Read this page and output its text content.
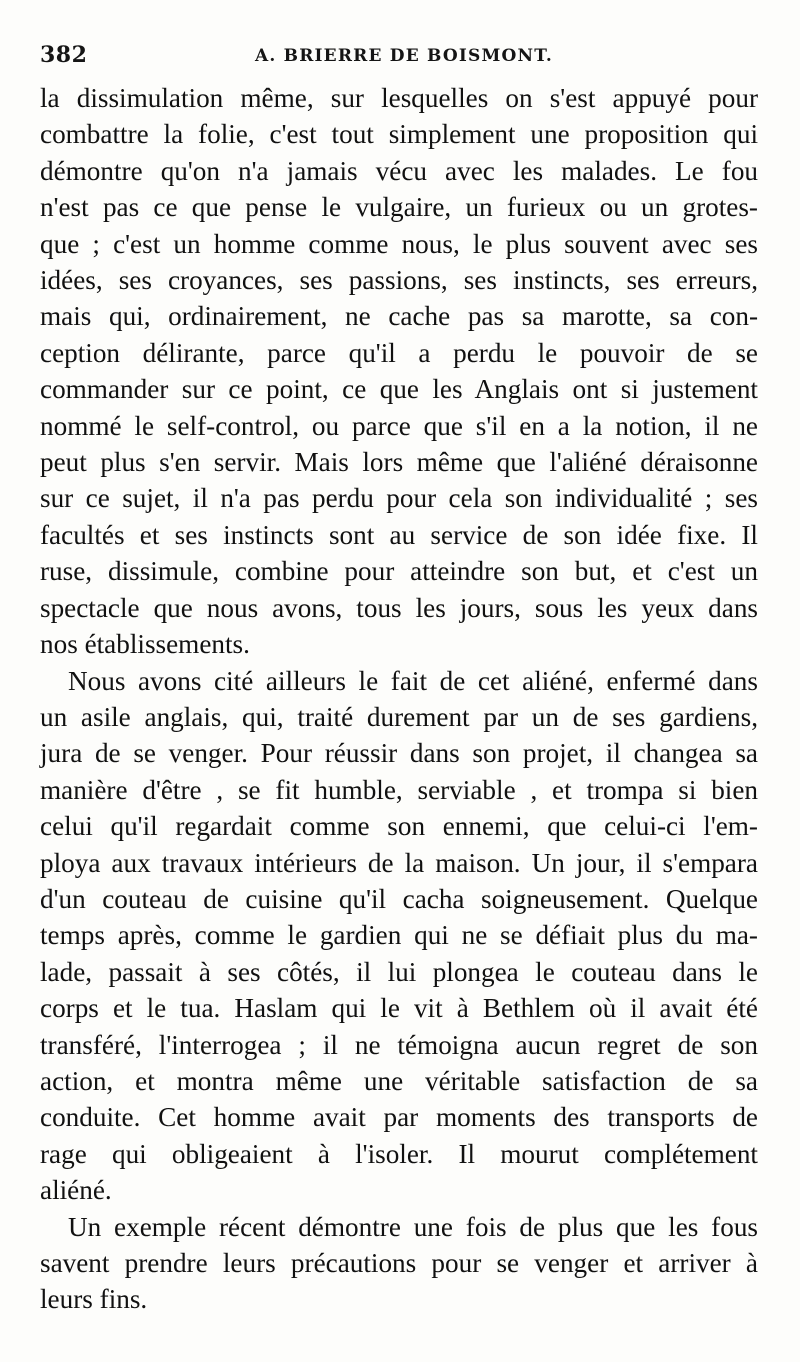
382	A. BRIERRE DE BOISMONT.
la dissimulation même, sur lesquelles on s'est appuyé pour
combattre la folie, c'est tout simplement une proposition qui
démontre qu'on n'a jamais vécu avec les malades. Le fou
n'est pas ce que pense le vulgaire, un furieux ou un grotes-
que ; c'est un homme comme nous, le plus souvent avec ses
idées, ses croyances, ses passions, ses instincts, ses erreurs,
mais qui, ordinairement, ne cache pas sa marotte, sa con-
ception délirante, parce qu'il a perdu le pouvoir de se
commander sur ce point, ce que les Anglais ont si justement
nommé le self-control, ou parce que s'il en a la notion, il ne
peut plus s'en servir. Mais lors même que l'aliéné déraisonne
sur ce sujet, il n'a pas perdu pour cela son individualité ; ses
facultés et ses instincts sont au service de son idée fixe. Il
ruse, dissimule, combine pour atteindre son but, et c'est un
spectacle que nous avons, tous les jours, sous les yeux dans
nos établissements.
Nous avons cité ailleurs le fait de cet aliéné, enfermé dans
un asile anglais, qui, traité durement par un de ses gardiens,
jura de se venger. Pour réussir dans son projet, il changea sa
manière d'être , se fit humble, serviable , et trompa si bien
celui qu'il regardait comme son ennemi, que celui-ci l'em-
ploya aux travaux intérieurs de la maison. Un jour, il s'empara
d'un couteau de cuisine qu'il cacha soigneusement. Quelque
temps après, comme le gardien qui ne se défiait plus du ma-
lade, passait à ses côtés, il lui plongea le couteau dans le
corps et le tua. Haslam qui le vit à Bethlem où il avait été
transféré, l'interrogea ; il ne témoigna aucun regret de son
action, et montra même une véritable satisfaction de sa
conduite. Cet homme avait par moments des transports de
rage qui obligeaient à l'isoler. Il mourut complétement
aliéné.
Un exemple récent démontre une fois de plus que les fous
savent prendre leurs précautions pour se venger et arriver à
leurs fins.
